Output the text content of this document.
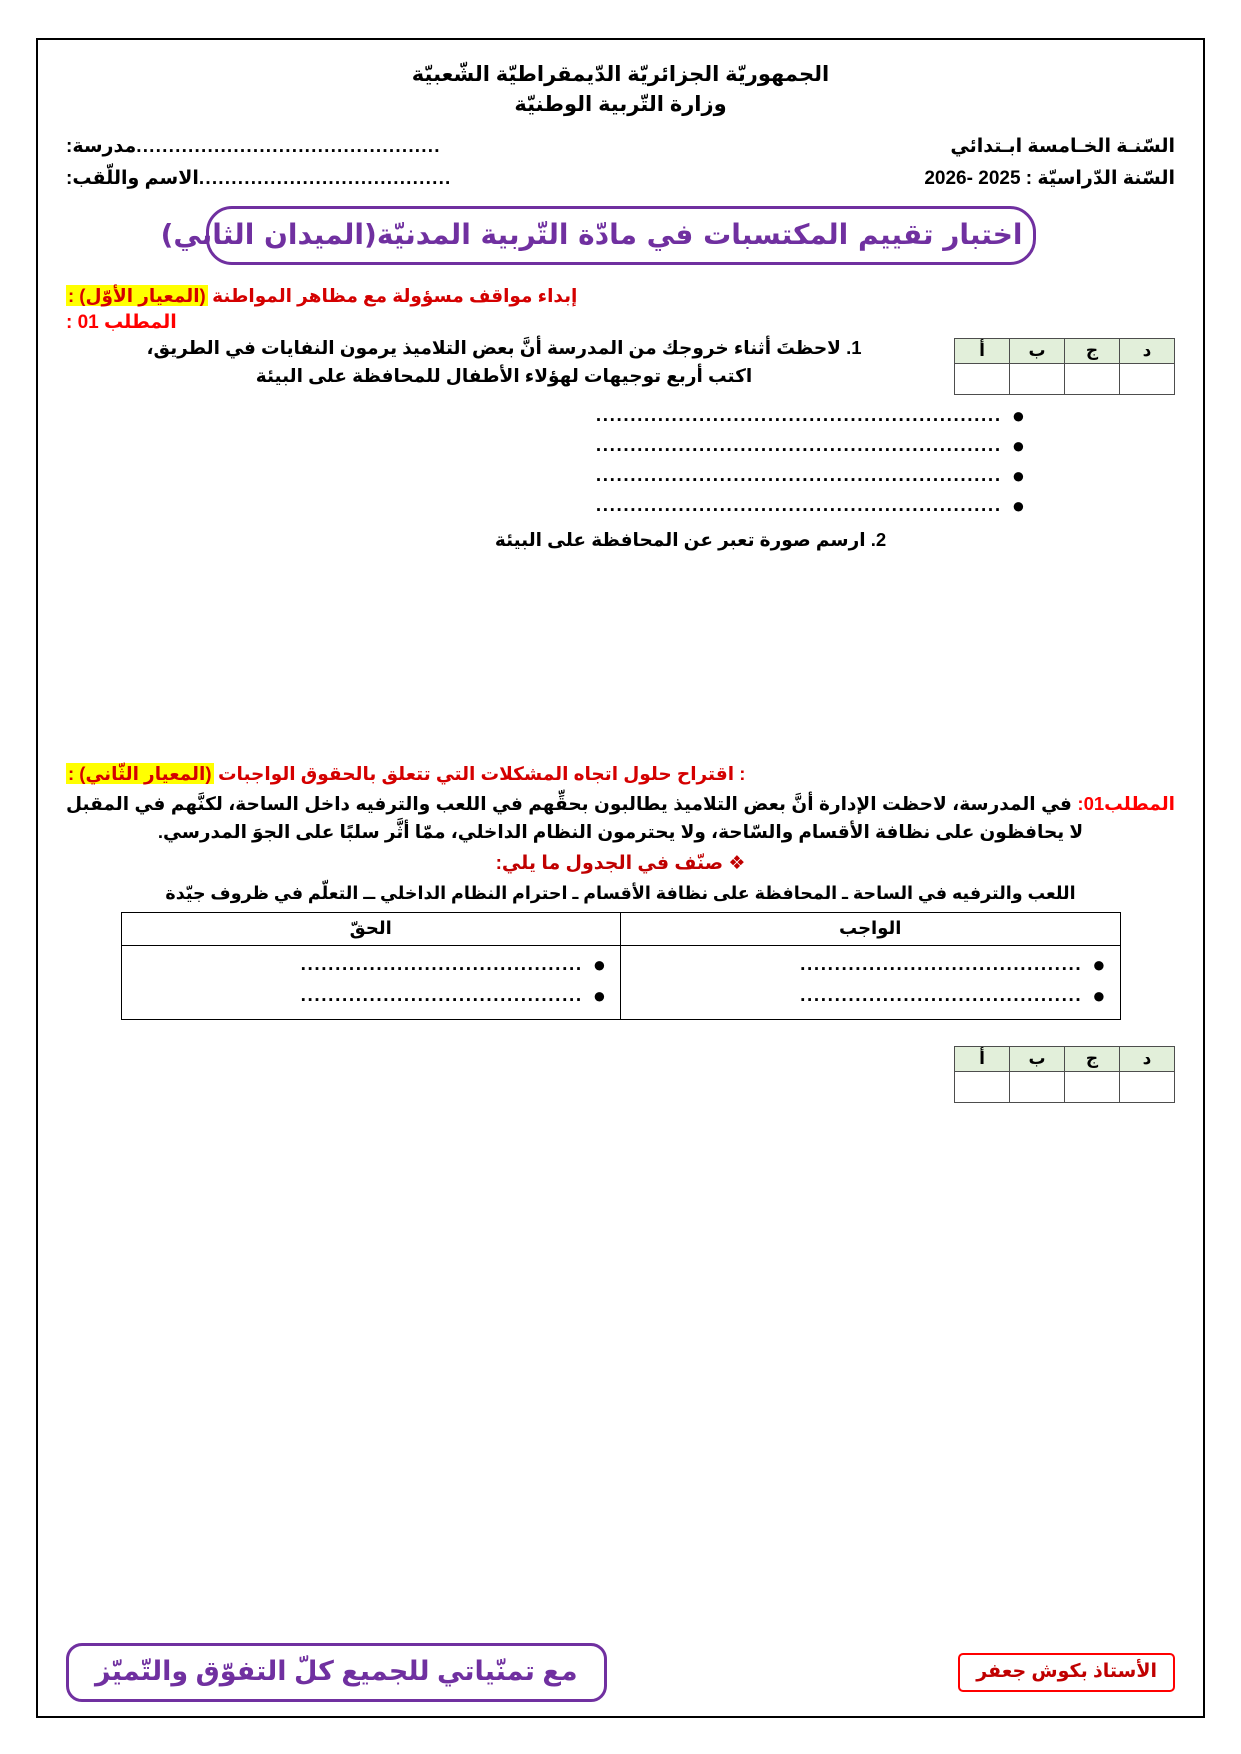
الجمهوريّة الجزائريّة الدّيمقراطيّة الشّعبيّة
وزارة التّربية الوطنيّة
السّنـة الخـامسة ابـتدائي
...............................................
مدرسة:
السّنة الدّراسيّة : 2025 -2026
.......................................
الاسم واللّقب:
اختبار تقييم المكتسبات في مادّة التّربية المدنيّة(الميدان الثاني)
إبداء مواقف مسؤولة مع مظاهر المواطنة (المعيار الأوّل) :
المطلب 01 :
د	ج	ب	أ

1. لاحظتَ أثناء خروجك من المدرسة أنَّ بعض التلاميذ يرمون النفايات في الطريق،
اكتب أربع توجيهات لهؤلاء الأطفال للمحافظة على البيئة
●
...........................................................
●
...........................................................
●
...........................................................
●
...........................................................
2. ارسم صورة تعبر عن المحافظة على البيئة
: اقتراح حلول اتجاه المشكلات التي تتعلق بالحقوق الواجبات (المعيار الثّاني) :
المطلب01: في المدرسة، لاحظت الإدارة أنَّ بعض التلاميذ يطالبون بحقِّهم في اللعب والترفيه داخل الساحة، لكنَّهم في المقبل لا يحافظون على نظافة الأقسام والسّاحة، ولا يحترمون النظام الداخلي، ممّا أثَّر سلبًا على الجوَ المدرسي.
❖ صنّف في الجدول ما يلي:
اللعب والترفيه في الساحة ـ المحافظة على نظافة الأقسام ـ احترام النظام الداخلي ــ التعلّم في ظروف جيّدة
الواجب	الحقّ

●
.........................................
●
.........................................

●
.........................................
●
.........................................
د	ج	ب	أ

الأستاذ بكوش جعفر
مع تمنّياتي للجميع كلّ التفوّق والتّميّز
